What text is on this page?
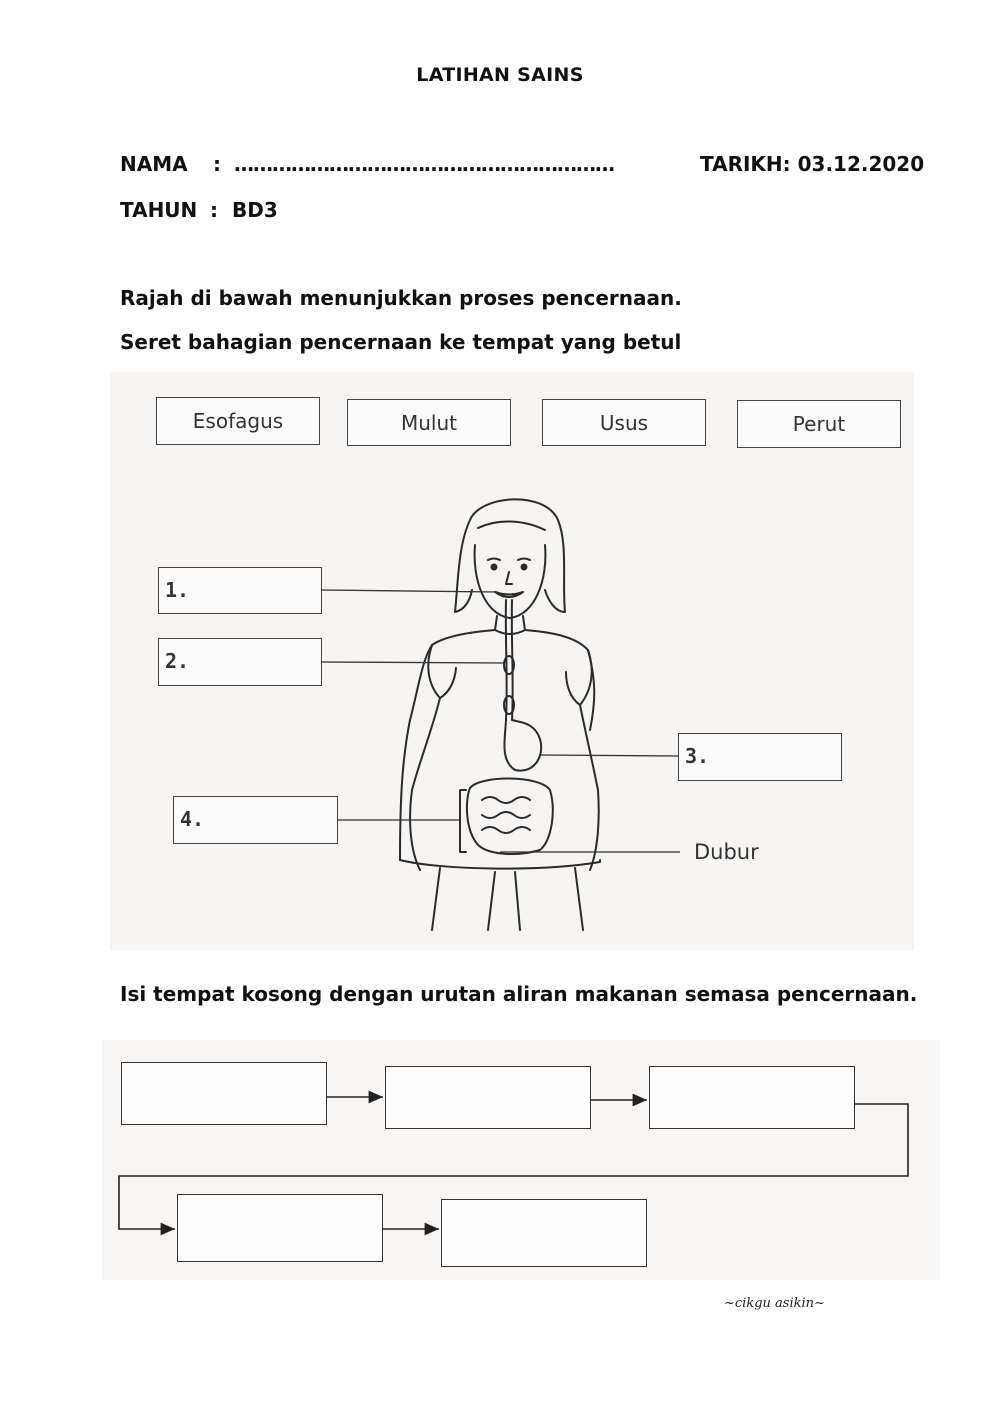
LATIHAN SAINS
NAMA : ……………………………………………………	TARIKH: 03.12.2020
TAHUN : BD3
Rajah di bawah menunjukkan proses pencernaan.
Seret bahagian pencernaan ke tempat yang betul
Esofagus	Mulut	Usus	Perut
1.
2.
3.
4.
Dubur
Isi tempat kosong dengan urutan aliran makanan semasa pencernaan.
~cikgu asikin~
